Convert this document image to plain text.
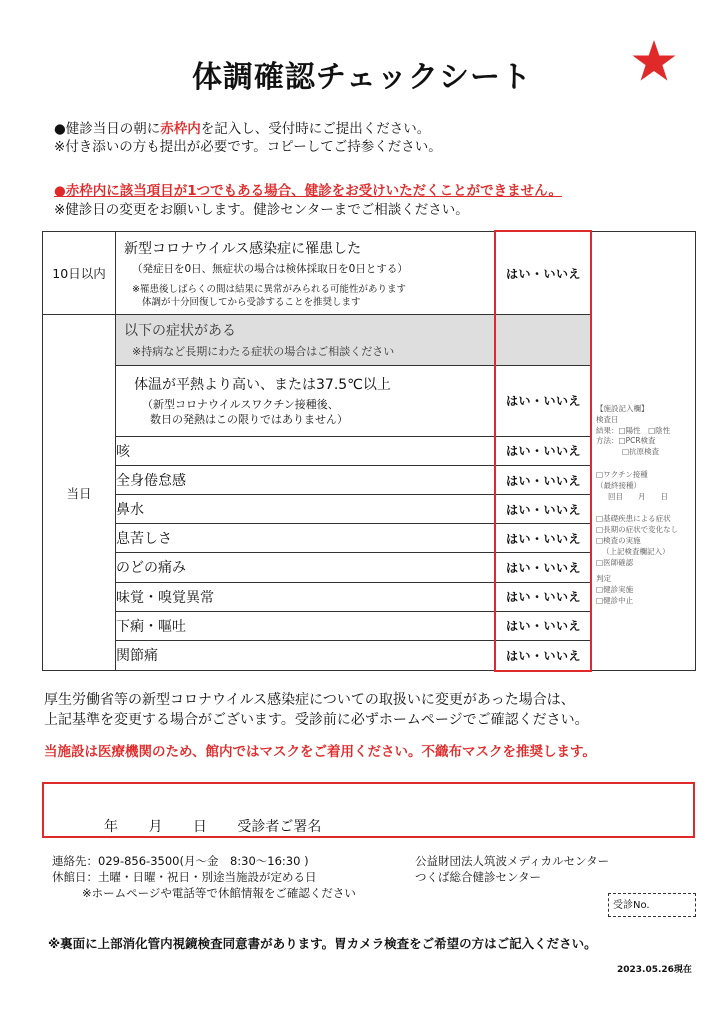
体調確認チェックシート
●健診当日の朝に赤枠内を記入し、受付時にご提出ください。
※付き添いの方も提出が必要です。コピーしてご持参ください。
●赤枠内に該当項目が1つでもある場合、健診をお受けいただくことができません。
※健診日の変更をお願いします。健診センターまでご相談ください。
10日以内	新型コロナウイルス感染症に罹患した
（発症日を0日、無症状の場合は検体採取日を0日とする）
※罹患後しばらくの間は結果に異常がみられる可能性があります
体調が十分回復してから受診することを推奨します	はい・いいえ	
当日	以下の症状がある
※持病など長期にわたる症状の場合はご相談ください		

	体温が平熱より高い、または37.5℃以上
（新型コロナウイルスワクチン接種後、
数日の発熱はこの限りではありません）	はい・いいえ	
	咳	はい・いいえ	
	全身倦怠感	はい・いいえ	
	鼻水	はい・いいえ	
	息苦しさ	はい・いいえ	
	のどの痛み	はい・いいえ	
	味覚・嗅覚異常	はい・いいえ	
	下痢・嘔吐	はい・いいえ	
	関節痛	はい・いいえ	
【施設記入欄】
検査日
結果：□陽性　□陰性
方法：□PCR検査
□抗原検査
□ワクチン接種
（最終接種）
回目　　月　　日
□基礎疾患による症状
□長期の症状で変化なし
□検査の実施
（上記検査欄記入）
□医師確認
判定
□健診実施
□健診中止
厚生労働省等の新型コロナウイルス感染症についての取扱いに変更があった場合は、
上記基準を変更する場合がございます。受診前に必ずホームページでご確認ください。
当施設は医療機関のため、館内ではマスクをご着用ください。不織布マスクを推奨します。
年 月 日 受診者ご署名
連絡先：029-856-3500(月～金　8:30～16:30 )
休館日：土曜・日曜・祝日・別途当施設が定める日
※ホームページや電話等で休館情報をご確認ください
公益財団法人筑波メディカルセンター
つくば総合健診センター
受診No.
※裏面に上部消化管内視鏡検査同意書があります。胃カメラ検査をご希望の方はご記入ください。
2023.05.26現在
